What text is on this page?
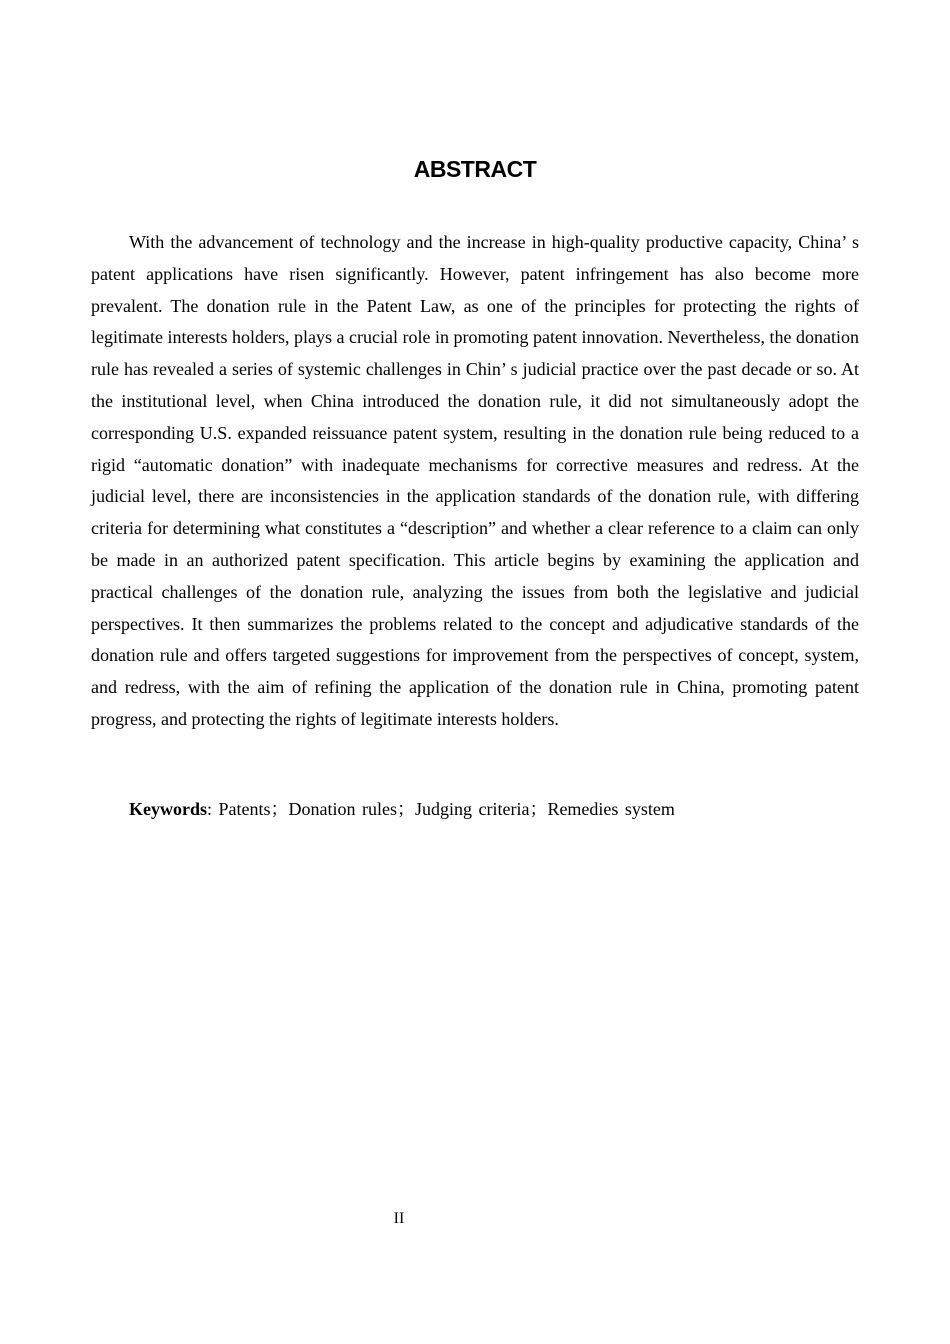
ABSTRACT

With the advancement of technology and the increase in high-quality productive capacity, China’ s patent applications have risen significantly. However, patent infringement has also become more prevalent. The donation rule in the Patent Law, as one of the principles for protecting the rights of legitimate interests holders, plays a crucial role in promoting patent innovation. Nevertheless, the donation rule has revealed a series of systemic challenges in Chin’ s judicial practice over the past decade or so. At the institutional level, when China introduced the donation rule, it did not simultaneously adopt the corresponding U.S. expanded reissuance patent system, resulting in the donation rule being reduced to a rigid “automatic donation” with inadequate mechanisms for corrective measures and redress. At the judicial level, there are inconsistencies in the application standards of the donation rule, with differing criteria for determining what constitutes a “description” and whether a clear reference to a claim can only be made in an authorized patent specification. This article begins by examining the application and practical challenges of the donation rule, analyzing the issues from both the legislative and judicial perspectives. It then summarizes the problems related to the concept and adjudicative standards of the donation rule and offers targeted suggestions for improvement from the perspectives of concept, system, and redress, with the aim of refining the application of the donation rule in China, promoting patent progress, and protecting the rights of legitimate interests holders.

Keywords: Patents；Donation rules；Judging criteria；Remedies system
II
